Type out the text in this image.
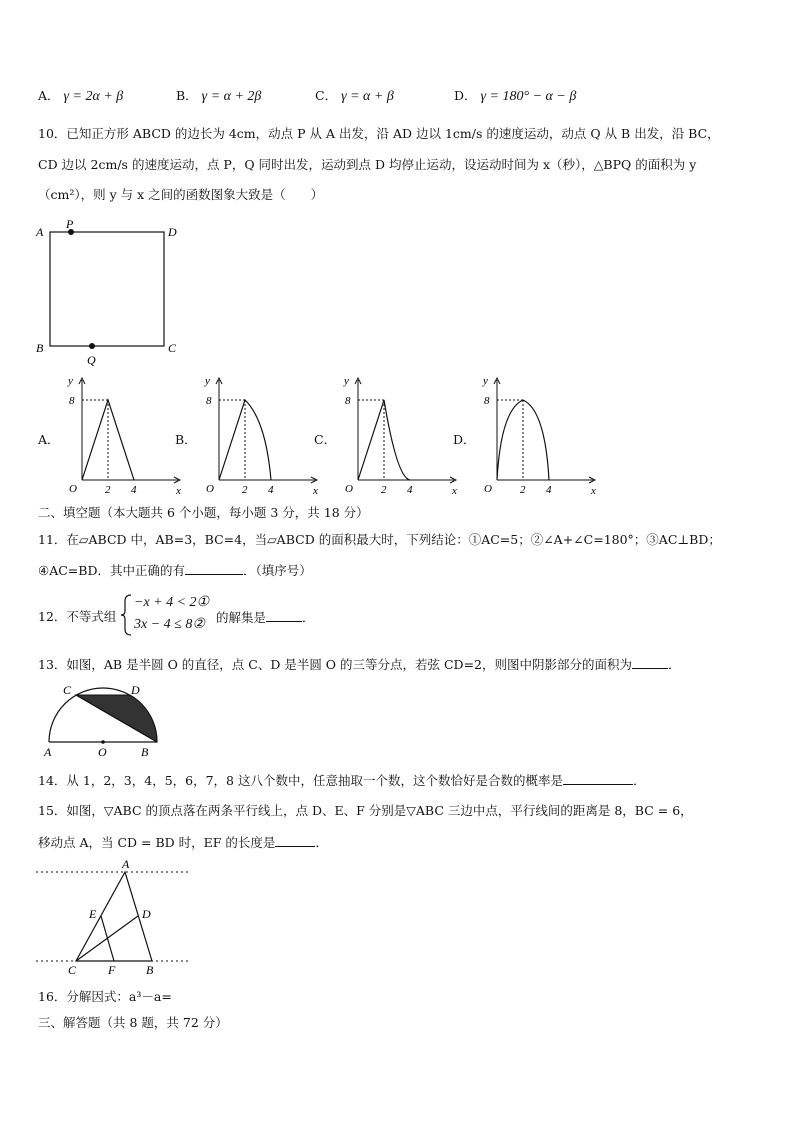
A． γ = 2α + β	B． γ = α + 2β	C． γ = α + β	D． γ = 180° − α − β
10．已知正方形 ABCD 的边长为 4cm，动点 P 从 A 出发，沿 AD 边以 1cm/s 的速度运动，动点 Q 从 B 出发，沿 BC，
CD 边以 2cm/s 的速度运动，点 P，Q 同时出发，运动到点 D 均停止运动，设运动时间为 x（秒），△BPQ 的面积为 y
（cm²），则 y 与 x 之间的函数图象大致是（　　）
A
P
D
B
Q
C
二、填空题（本大题共 6 个小题，每小题 3 分，共 18 分）
11．在▱ABCD 中，AB=3，BC=4，当▱ABCD 的面积最大时，下列结论：①AC=5；②∠A+∠C=180°；③AC⊥BD；
④AC=BD．其中正确的有	．（填序号）
12．不等式组
−x + 4 < 2①
3x − 4 ≤ 8② 的解集是	．
13．如图，AB 是半圆 O 的直径，点 C、D 是半圆 O 的三等分点，若弦 CD=2，则图中阴影部分的面积为	．
C	D
A	O	B
14．从 1，2，3，4，5，6，7，8 这八个数中，任意抽取一个数，这个数恰好是合数的概率是	．
15．如图，▽ABC 的顶点落在两条平行线上，点 D、E、F 分别是▽ABC 三边中点，平行线间的距离是 8，BC = 6，
移动点 A，当 CD = BD 时，EF 的长度是	．
A
E	D
C	F	B
16．分解因式：a³－a=
三、解答题（共 8 题，共 72 分）
A．
y
x
O
8
2 4
B．
y
x
O
8
2 4
C．
y
x
O
8
2 4
D．
y
x
O
8
2 4
